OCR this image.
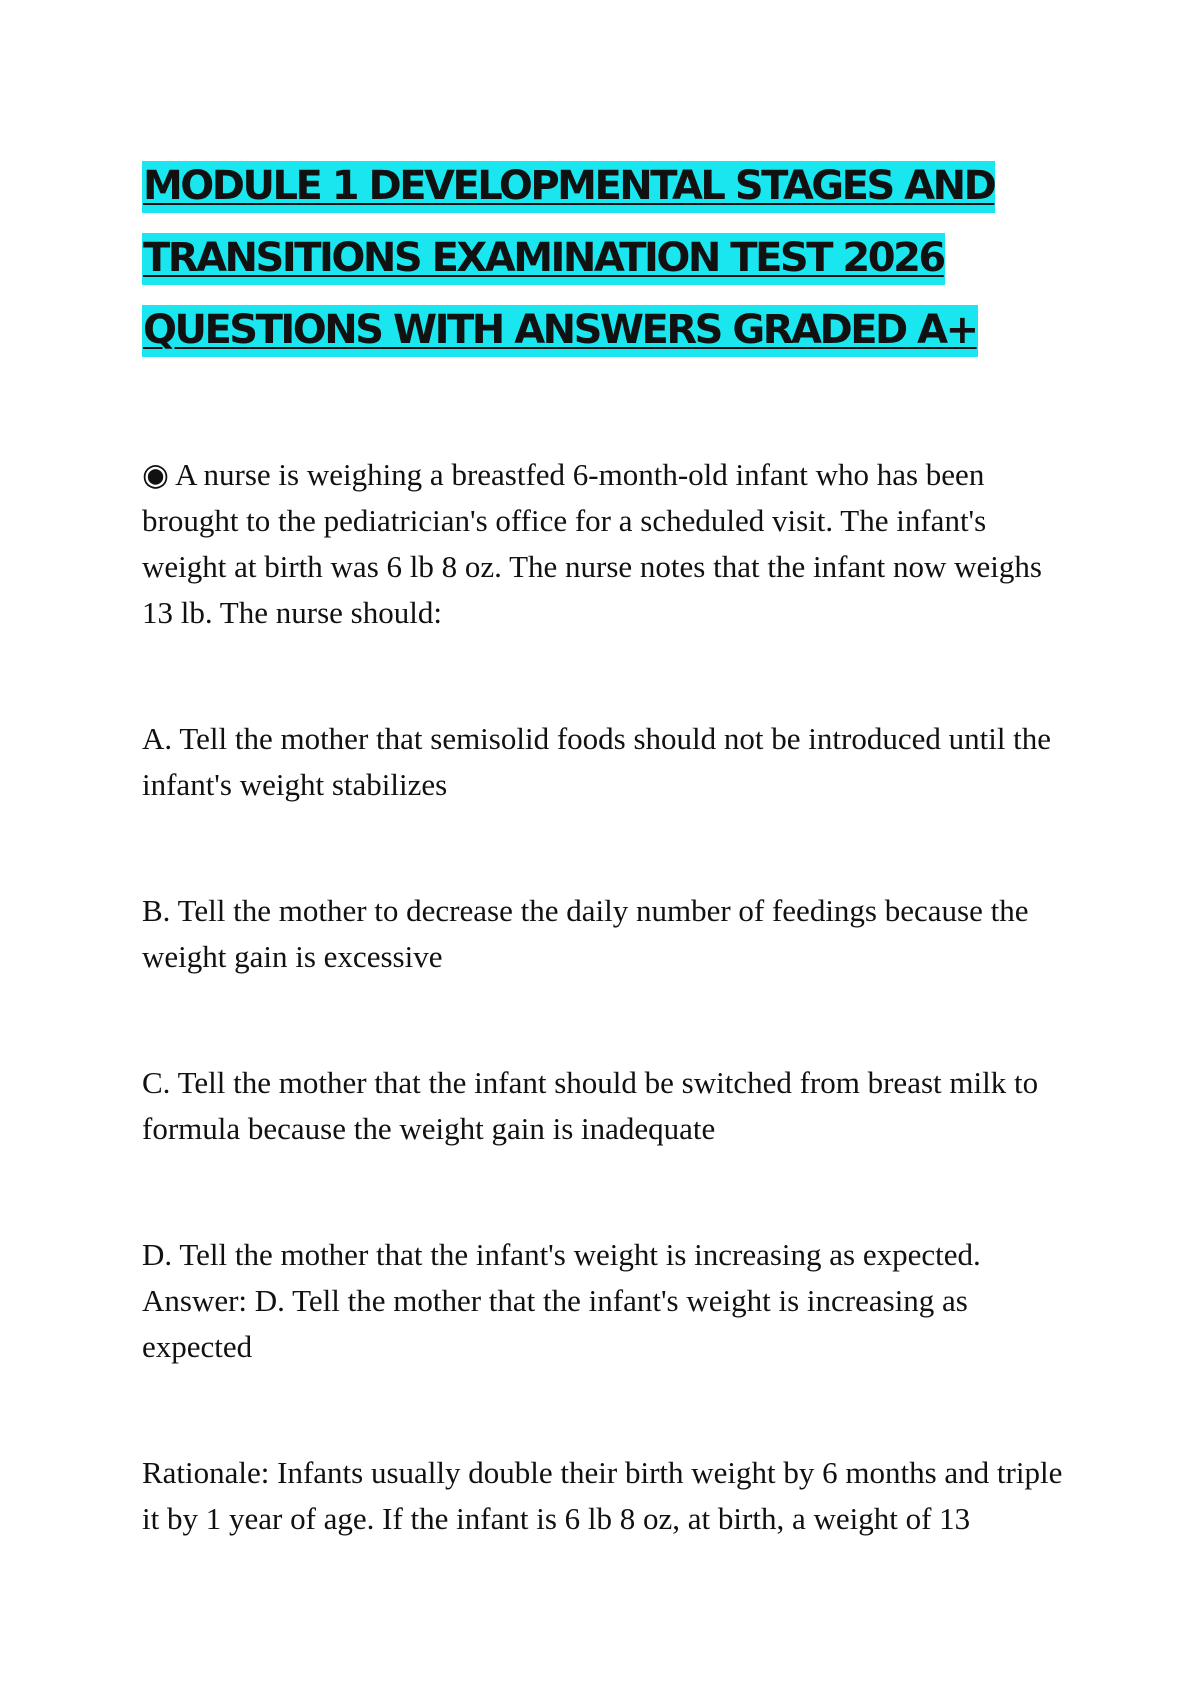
MODULE 1 DEVELOPMENTAL STAGES AND
TRANSITIONS EXAMINATION TEST 2026
QUESTIONS WITH ANSWERS GRADED A+

◉ A nurse is weighing a breastfed 6-month-old infant who has been brought to the pediatrician's office for a scheduled visit. The infant's weight at birth was 6 lb 8 oz. The nurse notes that the infant now weighs 13 lb. The nurse should:

A. Tell the mother that semisolid foods should not be introduced until the infant's weight stabilizes

B. Tell the mother to decrease the daily number of feedings because the weight gain is excessive

C. Tell the mother that the infant should be switched from breast milk to formula because the weight gain is inadequate

D. Tell the mother that the infant's weight is increasing as expected.

Answer: D. Tell the mother that the infant's weight is increasing as expected

Rationale: Infants usually double their birth weight by 6 months and triple it by 1 year of age. If the infant is 6 lb 8 oz, at birth, a weight of 13
